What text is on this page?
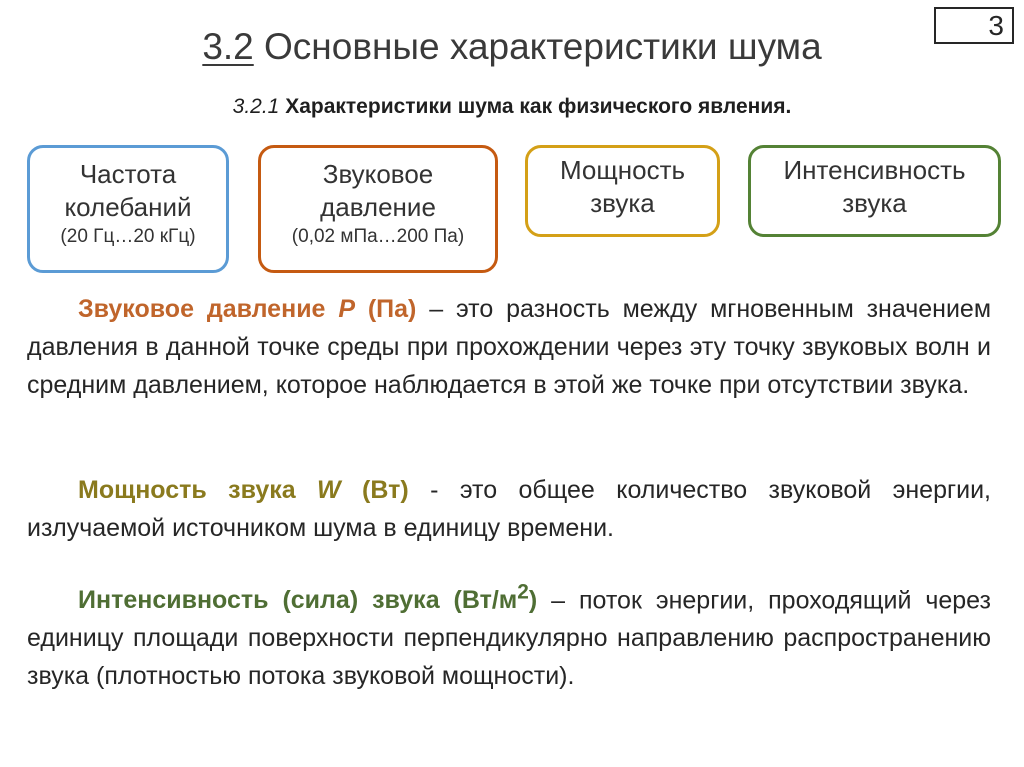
3
3.2 Основные характеристики шума
3.2.1 Характеристики шума как физического явления.
Частота
колебаний
(20 Гц…20 кГц)
Звуковое
давление
(0,02 мПа…200 Па)
Мощность
звука
Интенсивность
звука

Звуковое давление P (Па) – это разность между мгновенным значением давления в данной точке среды при прохождении через эту точку звуковых волн и средним давлением, которое наблюдается в этой же точке при отсутствии звука.

Мощность звука W (Вт) - это общее количество звуковой энергии, излучаемой источником шума в единицу времени.

Интенсивность (сила) звука $(Вт/м^2)$ – поток энергии, проходящий через единицу площади поверхности перпендикулярно направлению распространению звука (плотностью потока звуковой мощности).
